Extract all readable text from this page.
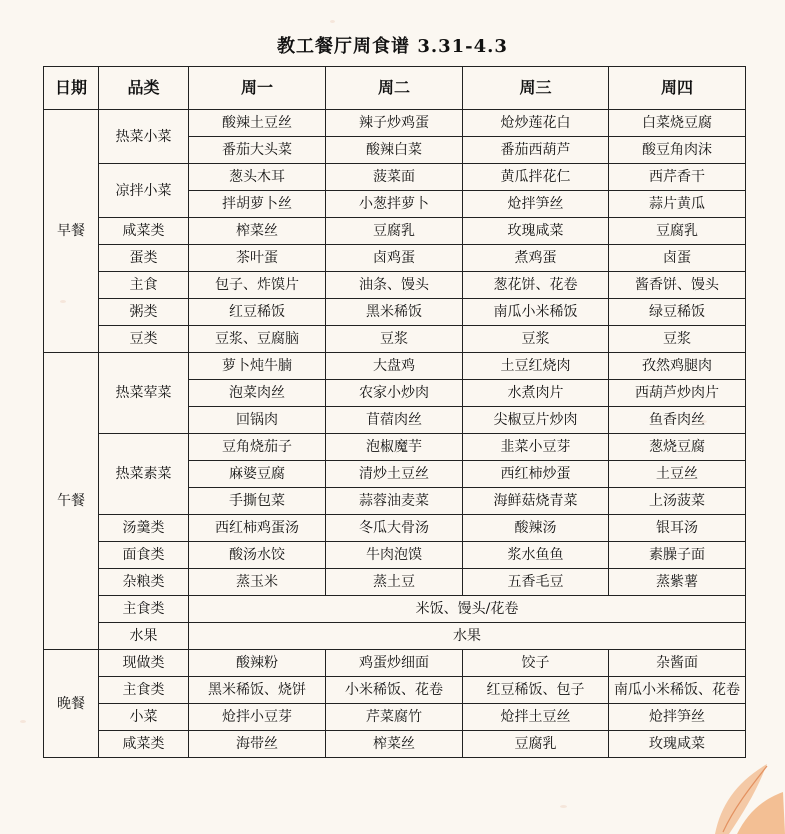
教工餐厅周食谱 3.31-4.3
日期	品类	周一	周二	周三	周四
早餐	热菜小菜	酸辣土豆丝	辣子炒鸡蛋	炝炒莲花白	白菜烧豆腐
		番茄大头菜	酸辣白菜	番茄西葫芦	酸豆角肉沫
	凉拌小菜	葱头木耳	菠菜面	黄瓜拌花仁	西芹香干
		拌胡萝卜丝	小葱拌萝卜	炝拌笋丝	蒜片黄瓜
	咸菜类	榨菜丝	豆腐乳	玫瑰咸菜	豆腐乳
	蛋类	茶叶蛋	卤鸡蛋	煮鸡蛋	卤蛋
	主食	包子、炸馍片	油条、馒头	葱花饼、花卷	酱香饼、馒头
	粥类	红豆稀饭	黑米稀饭	南瓜小米稀饭	绿豆稀饭
	豆类	豆浆、豆腐脑	豆浆	豆浆	豆浆
午餐	热菜荤菜	萝卜炖牛腩	大盘鸡	土豆红烧肉	孜然鸡腿肉
		泡菜肉丝	农家小炒肉	水煮肉片	西葫芦炒肉片
		回锅肉	苜蓿肉丝	尖椒豆片炒肉	鱼香肉丝
	热菜素菜	豆角烧茄子	泡椒魔芋	韭菜小豆芽	葱烧豆腐
		麻婆豆腐	清炒土豆丝	西红柿炒蛋	土豆丝
		手撕包菜	蒜蓉油麦菜	海鲜菇烧青菜	上汤菠菜
	汤羹类	西红柿鸡蛋汤	冬瓜大骨汤	酸辣汤	银耳汤
	面食类	酸汤水饺	牛肉泡馍	浆水鱼鱼	素臊子面
	杂粮类	蒸玉米	蒸土豆	五香毛豆	蒸紫薯
	主食类	米饭、馒头/花卷			
	水果	水果			
晚餐	现做类	酸辣粉	鸡蛋炒细面	饺子	杂酱面
	主食类	黑米稀饭、烧饼	小米稀饭、花卷	红豆稀饭、包子	南瓜小米稀饭、花卷
	小菜	炝拌小豆芽	芹菜腐竹	炝拌土豆丝	炝拌笋丝
	咸菜类	海带丝	榨菜丝	豆腐乳	玫瑰咸菜
